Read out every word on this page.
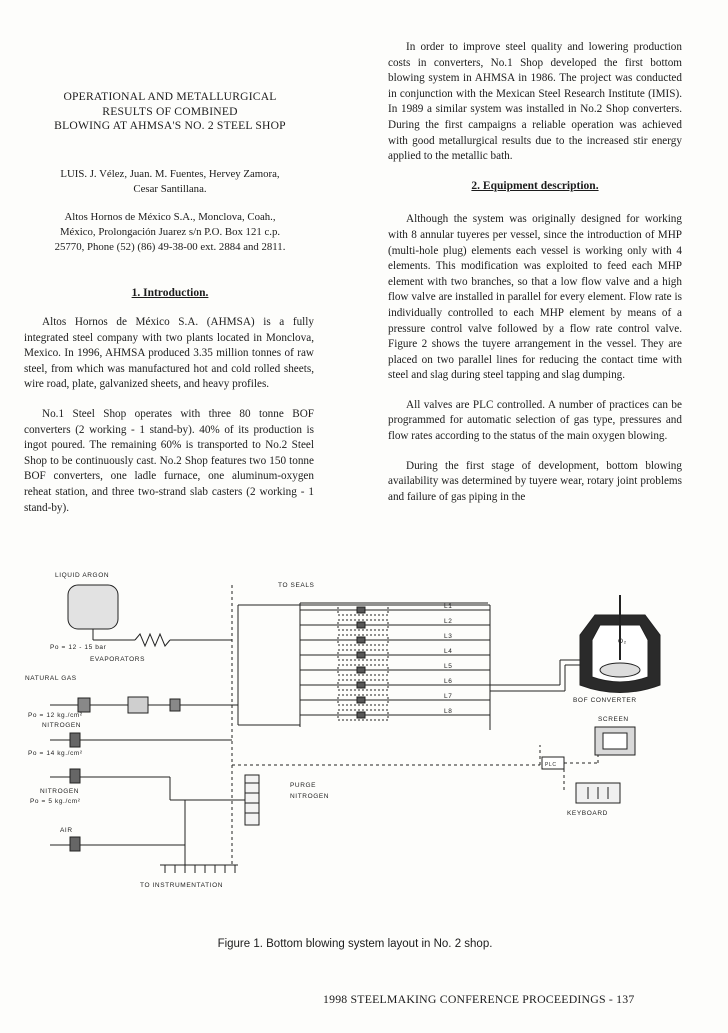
OPERATIONAL AND METALLURGICAL
RESULTS OF COMBINED
BLOWING AT AHMSA'S NO. 2 STEEL SHOP
LUIS. J. Vélez, Juan. M. Fuentes, Hervey Zamora,
Cesar Santillana.
Altos Hornos de México S.A., Monclova, Coah.,
México, Prolongación Juarez s/n P.O. Box 121 c.p.
25770, Phone (52) (86) 49-38-00 ext. 2884 and 2811.
1. Introduction.

Altos Hornos de México S.A. (AHMSA) is a fully integrated steel company with two plants located in Monclova, Mexico. In 1996, AHMSA produced 3.35 million tonnes of raw steel, from which was manufactured hot and cold rolled sheets, wire road, plate, galvanized sheets, and heavy profiles.

No.1 Steel Shop operates with three 80 tonne BOF converters (2 working - 1 stand-by). 40% of its production is ingot poured. The remaining 60% is transported to No.2 Steel Shop to be continuously cast. No.2 Shop features two 150 tonne BOF converters, one ladle furnace, one aluminum-oxygen reheat station, and three two-strand slab casters (2 working - 1 stand-by).

In order to improve steel quality and lowering production costs in converters, No.1 Shop developed the first bottom blowing system in AHMSA in 1986. The project was conducted in conjunction with the Mexican Steel Research Institute (IMIS). In 1989 a similar system was installed in No.2 Shop converters. During the first campaigns a reliable operation was achieved with good metallurgical results due to the increased stir energy applied to the metallic bath.

2. Equipment description.

Although the system was originally designed for working with 8 annular tuyeres per vessel, since the introduction of MHP (multi-hole plug) elements each vessel is working only with 4 elements. This modification was exploited to feed each MHP element with two branches, so that a low flow valve and a high flow valve are installed in parallel for every element. Flow rate is individually controlled to each MHP element by means of a pressure control valve followed by a flow rate control valve. Figure 2 shows the tuyere arrangement in the vessel. They are placed on two parallel lines for reducing the contact time with steel and slag during steel tapping and slag dumping.

All valves are PLC controlled. A number of practices can be programmed for automatic selection of gas type, pressures and flow rates according to the status of the main oxygen blowing.

During the first stage of development, bottom blowing availability was determined by tuyere wear, rotary joint problems and failure of gas piping in the

LIQUID ARGON
Po = 12 - 15 bar
EVAPORATORS
NATURAL GAS
Po = 12 kg./cm²
NITROGEN
Po = 14 kg./cm²
NITROGEN
Po = 5 kg./cm²
AIR
TO SEALS
PURGE
NITROGEN
TO INSTRUMENTATION
BOF CONVERTER
SCREEN
PLC
KEYBOARD
O₂
L1
L2
L3
L4
L5
L6
L7
L8
Figure 1. Bottom blowing system layout in No. 2 shop.
1998 STEELMAKING CONFERENCE PROCEEDINGS - 137
